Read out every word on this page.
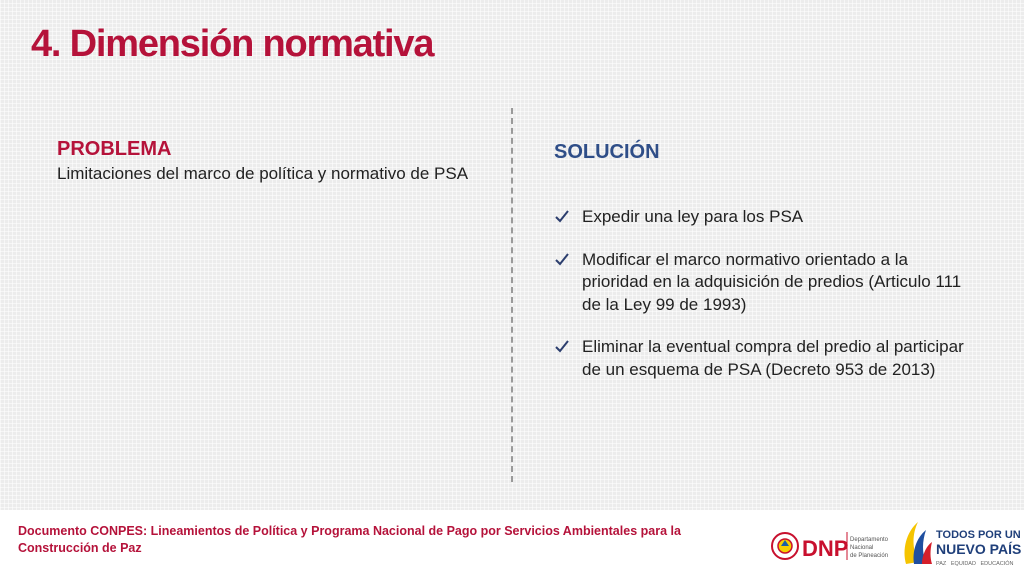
4. Dimensión normativa
PROBLEMA
Limitaciones del marco de política y normativo de PSA
SOLUCIÓN
Expedir una ley para los PSA
Modificar el marco normativo orientado a la prioridad en la adquisición de predios (Articulo 111 de la Ley 99 de 1993)
Eliminar la eventual compra del predio al participar de un esquema de PSA (Decreto 953 de 2013)
Documento CONPES: Lineamientos de Política y Programa Nacional de Pago por Servicios Ambientales para la Construcción de Paz	DNP Departamento
Nacional
de Planeación
TODOS POR UN
NUEVO PAÍS
PAZ   EQUIDAD   EDUCACIÓN
